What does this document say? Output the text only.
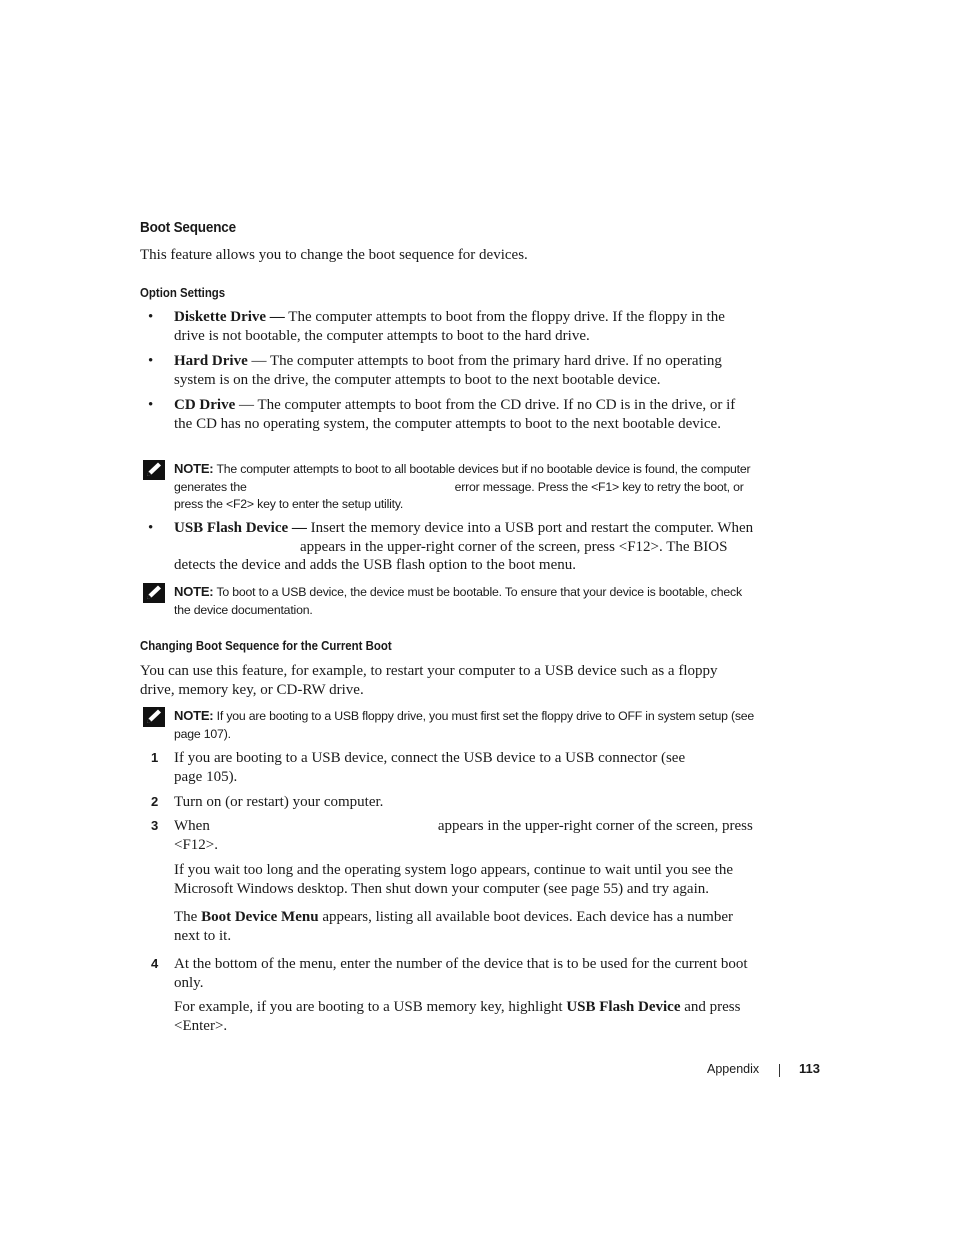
Boot Sequence

This feature allows you to change the boot sequence for devices.

Option Settings
• Diskette Drive — The computer attempts to boot from the floppy drive. If the floppy in the drive is not bootable, the computer attempts to boot to the hard drive.
• Hard Drive — The computer attempts to boot from the primary hard drive. If no operating system is on the drive, the computer attempts to boot to the next bootable device.
• CD Drive — The computer attempts to boot from the CD drive. If no CD is in the drive, or if the CD has no operating system, the computer attempts to boot to the next bootable device.
NOTE: The computer attempts to boot to all bootable devices but if no bootable device is found, the computer generates the	error message. Press the <F1> key to retry the boot, or press the <F2> key to enter the setup utility.
• USB Flash Device — Insert the memory device into a USB port and restart the computer. Whenappears in the upper-right corner of the screen, press <F12>. The BIOS detects the device and adds the USB flash option to the boot menu.
NOTE: To boot to a USB device, the device must be bootable. To ensure that your device is bootable, check the device documentation.
Changing Boot Sequence for the Current Boot

You can use this feature, for example, to restart your computer to a USB device such as a floppy drive, memory key, or CD-RW drive.

NOTE: If you are booting to a USB floppy drive, you must first set the floppy drive to OFF in system setup (see page 107).
1 If you are booting to a USB device, connect the USB device to a USB connector (see page 105).
2 Turn on (or restart) your computer.
3 When	appears in the upper-right corner of the screen, press <F12>.

If you wait too long and the operating system logo appears, continue to wait until you see the Microsoft Windows desktop. Then shut down your computer (see page 55) and try again.

The Boot Device Menu appears, listing all available boot devices. Each device has a number next to it.

4 At the bottom of the menu, enter the number of the device that is to be used for the current boot only.

For example, if you are booting to a USB memory key, highlight USB Flash Device and press <Enter>.

Appendix	113
